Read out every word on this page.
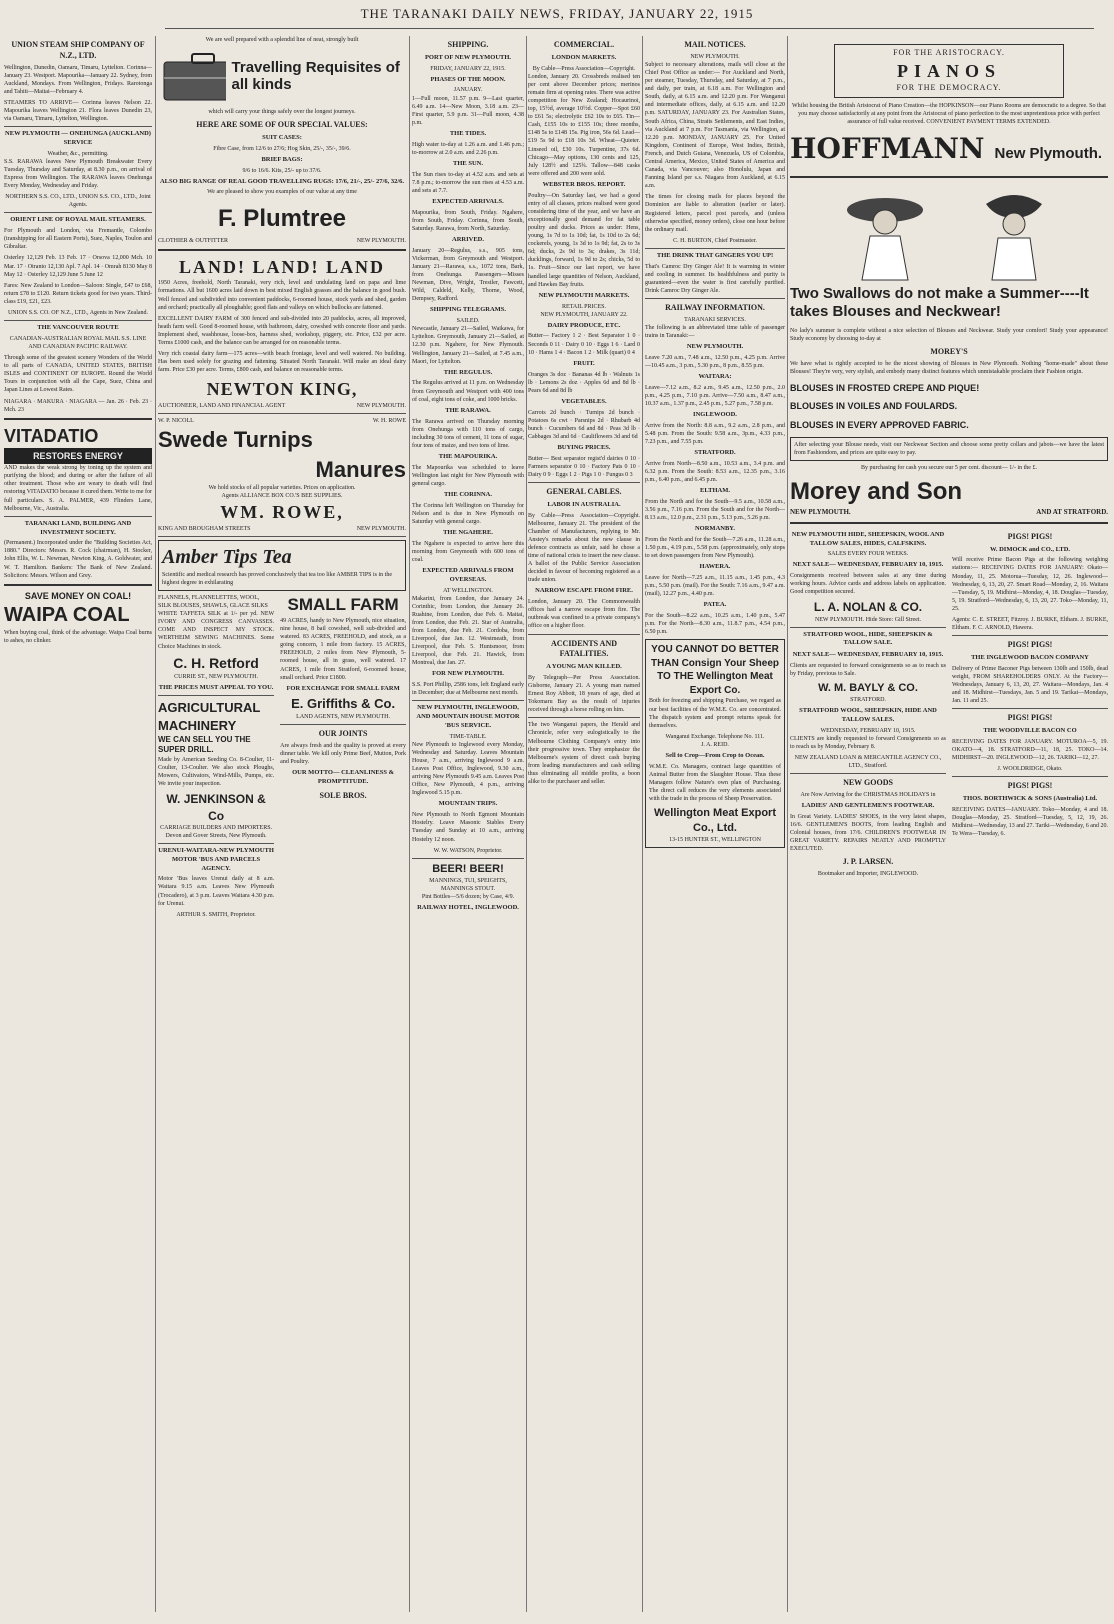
THE TARANAKI DAILY NEWS, FRIDAY, JANUARY 22, 1915
UNION STEAM SHIP COMPANY OF N.Z., LTD.
Wellington, Dunedin, Oamaru, Timaru, Lyttelton. Corinna—January 23. Westport. Mapourika—January 22. Sydney, from Auckland, Mondays. From Wellington, Fridays. Rarotonga and Tahiti—Maitai—February 4.
STEAMERS TO ARRIVE— Corinna leaves Nelson 22. Mapourika leaves Wellington 21. Flora leaves Dunedin 23, via Oamaru, Timaru, Lyttelton, Wellington.
NEW PLYMOUTH — ONEHUNGA (AUCKLAND) SERVICE
Weather, &c., permitting.
S.S. RARAWA leaves New Plymouth Breakwater Every Tuesday, Thursday and Saturday, at 8.30 p.m., on arrival of Express from Wellington. The RARAWA leaves Onehunga Every Monday, Wednesday and Friday.
NORTHERN S.S. CO., LTD., UNION S.S. CO., LTD., Joint Agents.
ORIENT LINE OF ROYAL MAIL STEAMERS.
For Plymouth and London, via Fremantle, Colombo (transhipping for all Eastern Ports), Suez, Naples, Toulon and Gibraltar.
Osterley 12,129 Feb. 13 Feb. 17 · Orsova 12,000 Mch. 10 Mar. 17 · Otranto 12,130 Apl. 7 Apl. 14 · Omrah 8130 May 8 May 12 · Osterley 12,129 June 5 June 12
Fares: New Zealand to London—Saloon: Single, £47 to £68, return £78 to £120. Return tickets good for two years. Third-class £19, £21, £23.
UNION S.S. CO. OF N.Z., LTD., Agents in New Zealand.
THE VANCOUVER ROUTE
CANADIAN-AUSTRALIAN ROYAL MAIL S.S. LINE AND CANADIAN PACIFIC RAILWAY.
Through some of the greatest scenery Wonders of the World to all parts of CANADA, UNITED STATES, BRITISH ISLES and CONTINENT OF EUROPE. Round the World Tours in conjunction with all the Cape, Suez, China and Japan Lines at Lowest Rates.
NIAGARA · MAKURA · NIAGARA — Jan. 26 · Feb. 23 · Mch. 23
VITADATIO
RESTORES ENERGY
AND makes the weak strong by toning up the system and purifying the blood; and during or after the failure of all other treatment. Those who are weary to death will find restoring VITADATIO because it cured them. Write to me for full particulars. S. A. PALMER, 439 Flinders Lane, Melbourne, Vic., Australia.
TARANAKI LAND, BUILDING AND INVESTMENT SOCIETY.
(Permanent.) Incorporated under the "Building Societies Act, 1880." Directors: Messrs. R. Cock (chairman), H. Stocker, John Ellis, W. L. Newman, Newton King, A. Goldwater, and W. T. Hamilton. Bankers: The Bank of New Zealand. Solicitors: Messrs. Wilson and Grey.
SAVE MONEY ON COAL!
WAIPA COAL
When buying coal, think of the advantage. Waipa Coal burns to ashes, no clinker.
We are well prepared with a splendid line of neat, strongly built
Travelling Requisites of all kinds
which will carry your things safely over the longest journeys.
HERE ARE SOME OF OUR SPECIAL VALUES:
SUIT CASES:
Fibre Case, from 12/6 to 27/6; Hog Skin, 25/-, 35/-, 39/6.
BRIEF BAGS:
9/6 to 16/6. Kits, 25/- up to 37/6.
ALSO BIG RANGE OF REAL GOOD TRAVELLING RUGS: 17/6, 21/-, 25/- 27/6, 32/6.
We are pleased to show you examples of our value at any time
F. Plumtree
CLOTHIER & OUTFITTER	NEW PLYMOUTH.
LAND! LAND! LAND
1950 Acres, freehold, North Taranaki, very rich, level and undulating land on papa and lime formations. All but 1600 acres laid down in best mixed English grasses and the balance in good bush. Well fenced and subdivided into convenient paddocks, 6-roomed house, stock yards and shed, garden and orchard; practically all ploughable; good flats and valleys on which bullocks are fattened.
EXCELLENT DAIRY FARM of 300 fenced and sub-divided into 20 paddocks, acres, all improved, heath farm well. Good 8-roomed house, with bathroom, dairy, cowshed with concrete floor and yards. Implement shed, washhouse, loose-box, harness shed, workshop, piggery, etc. Price, £32 per acre. Terms £1000 cash, and the balance can be arranged for on reasonable terms.
Very rich coastal dairy farm—175 acres—with beach frontage, level and well watered. No building. Has been used solely for grazing and fattening. Situated North Taranaki. Will make an ideal dairy farm. Price £30 per acre. Terms, £800 cash, and balance on reasonable terms.
NEWTON KING,
AUCTIONEER, LAND AND FINANCIAL AGENT	NEW PLYMOUTH.
W. P. NICOLL	W. H. ROWE
Swede Turnips
Manures
We hold stocks of all popular varieties. Prices on application.
Agents ALLIANCE BOX CO.'S BEE SUPPLIES.
WM. ROWE,
KING AND BROUGHAM STREETS	NEW PLYMOUTH.
Amber Tips Tea
Scientific and medical research has proved conclusively that tea too like AMBER TIPS is in the highest degree in exhilarating
FLANNELS, FLANNELETTES, WOOL, SILK BLOUSES, SHAWLS, GLACE SILKS
WHITE TAFFETA SILK at 1/- per yd. NEW IVORY AND CONGRESS CANVASSES. COME AND INSPECT MY STOCK. WERTHEIM SEWING MACHINES. Some Choice Machines in stock.
C. H. Retford
CURRIE ST., NEW PLYMOUTH.
THE PRICES MUST APPEAL TO YOU.
AGRICULTURAL MACHINERY
WE CAN SELL YOU THE SUPER DRILL.
Made by American Seeding Co. 8-Coulter, 11-Coulter, 13-Coulter. We also stock Ploughs, Mowers, Cultivators, Wind-Mills, Pumps, etc. We invite your inspection.
W. JENKINSON & Co
CARRIAGE BUILDERS AND IMPORTERS.
Devon and Gover Streets, New Plymouth.
URENUI-WAITARA-NEW PLYMOUTH MOTOR 'BUS AND PARCELS AGENCY.
Motor 'Bus leaves Urenui daily at 8 a.m. Waitara 9.15 a.m. Leaves New Plymouth (Trocadero), at 3 p.m. Leaves Waitara 4.30 p.m. for Urenui.
ARTHUR S. SMITH, Proprietor.
SMALL FARM
49 ACRES, handy to New Plymouth, nice situation, nine house, 8 bail cowshed, well sub-divided and watered. 83 ACRES, FREEHOLD, and stock, as a going concern, 1 mile from factory. 15 ACRES, FREEHOLD, 2 miles from New Plymouth, 5-roomed house, all in grass, well watered. 17 ACRES, 1 mile from Stratford, 6-roomed house, small orchard. Price £1800.
FOR EXCHANGE FOR SMALL FARM
E. Griffiths & Co.
LAND AGENTS, NEW PLYMOUTH.
OUR JOINTS
Are always fresh and the quality is proved at every dinner table. We kill only Prime Beef, Mutton, Pork and Poultry.
OUR MOTTO— CLEANLINESS & PROMPTITUDE.
SOLE BROS.
SHIPPING.
PORT OF NEW PLYMOUTH.
FRIDAY, JANUARY 22, 1915.
PHASES OF THE MOON.
JANUARY.
1—Full moon, 11.57 p.m. 9—Last quarter, 6.49 a.m. 14—New Moon, 3.18 a.m. 23—First quarter, 5.9 p.m. 31—Full moon, 4.38 p.m.
THE TIDES.
High water to-day at 1.26 a.m. and 1.46 p.m.; to-morrow at 2.0 a.m. and 2.26 p.m.
THE SUN.
The Sun rises to-day at 4.52 a.m. and sets at 7.8 p.m.; to-morrow the sun rises at 4.53 a.m. and sets at 7.7.
EXPECTED ARRIVALS.
Mapourika, from South, Friday. Ngahere, from South, Friday. Corinna, from South, Saturday. Rarawa, from North, Saturday.
ARRIVED.
January 20—Regulus, s.s., 905 tons, Vickerman, from Greymouth and Westport. January 21—Rarawa, s.s., 1072 tons, Bark, from Onehunga. Passengers—Misses Newman, Dive, Wright, Trestler, Fawcett, Wild, Caldeld, Kelly, Thorne, Wood, Dempsey, Radford.
SHIPPING TELEGRAMS.
SAILED.
Newcastle, January 21—Sailed, Waikawa, for Lyttelton. Greymouth, January 21—Sailed, at 12.30 p.m. Ngahere, for New Plymouth. Wellington, January 21—Sailed, at 7.45 a.m., Maori, for Lyttelton.
THE REGULUS.
The Regulus arrived at 11 p.m. on Wednesday from Greymouth and Westport with 400 tons of coal, eight tons of coke, and 1000 bricks.
THE RARAWA.
The Rarawa arrived on Thursday morning from Onehunga with 110 tons of cargo, including 30 tons of cement, 11 tons of sugar, four tons of maize, and two tons of lime.
THE MAPOURIKA.
The Mapourika was scheduled to leave Wellington last night for New Plymouth with general cargo.
THE CORINNA.
The Corinna left Wellington on Thursday for Nelson and is due in New Plymouth on Saturday with general cargo.
THE NGAHERE.
The Ngahere is expected to arrive here this morning from Greymouth with 600 tons of coal.
EXPECTED ARRIVALS FROM OVERSEAS.
AT WELLINGTON.
Makarini, from London, due January 24. Corinthic, from London, due January 26. Ruahine, from London, due Feb. 6. Maitai, from London, due Feb. 21. Star of Australia, from London, due Feb. 21. Cordoba, from Liverpool, due Jan. 12. Westmeath, from Liverpool, due Feb. 5. Huntsmoor, from Liverpool, due Feb. 21. Hawick, from Montreal, due Jan. 27.
FOR NEW PLYMOUTH.
S.S. Port Phillip, 2586 tons, left England early in December; due at Melbourne next month.
NEW PLYMOUTH, INGLEWOOD, AND MOUNTAIN HOUSE MOTOR 'BUS SERVICE.
TIME-TABLE.
New Plymouth to Inglewood every Monday, Wednesday and Saturday. Leaves Mountain House, 7 a.m., arriving Inglewood 9 a.m. Leaves Post Office, Inglewood, 9.30 a.m., arriving New Plymouth 9.45 a.m. Leaves Post Office, New Plymouth, 4 p.m., arriving Inglewood 5.15 p.m.
MOUNTAIN TRIPS.
New Plymouth to North Egmont Mountain Hostelry. Leave Masonic Stables Every Tuesday and Sunday at 10 a.m., arriving Hostelry 12 noon.
W. W. WATSON, Proprietor.
BEER! BEER!
MANNINGS, TUI, SPEIGHTS,
MANNINGS STOUT.
Pint Bottles—5/6 dozen; by Case, 4/9.
RAILWAY HOTEL, INGLEWOOD.
COMMERCIAL.
LONDON MARKETS.
By Cable—Press Association—Copyright.
London, January 20. Crossbreds realised ten per cent above December prices; merinos remain firm at opening rates. There was active competition for New Zealand; Hocaurinoi, top, 15½d, average 10½d. Copper—Spot £60 to £61 5s; electrolytic £62 10s to £65. Tin—Cash, £155 10s to £155 10s; three months, £148 5s to £148 15s. Pig iron, 56s 6d. Lead—£19 5s 9d to £18 10s 3d. Wheat—Quieter. Linseed oil, £30 10s. Turpentine, 37s 6d. Chicago—May options, 130 cents and 125, July 128½ and 125¾. Tallow—848 casks were offered and 200 were sold.
WEBSTER BROS. REPORT.
Poultry—On Saturday last, we had a good entry of all classes, prices realised were good considering time of the year, and we have an exceptionally good demand for fat table poultry and ducks. Prices as under: Hens, young, 1s 7d to 1s 10d; fat, 1s 10d to 2s 6d; cockerels, young, 1s 3d to 1s 9d; fat, 2s to 3s 6d; ducks, 2s 9d to 3s; drakes, 3s 11d; ducklings, forward, 1s 9d to 2s; chicks, 5d to 1s. Fruit—Since our last report, we have handled large quantities of Nelson, Auckland, and Hawkes Bay fruits.
NEW PLYMOUTH MARKETS.
RETAIL PRICES.
NEW PLYMOUTH, JANUARY 22.
DAIRY PRODUCE, ETC.
Butter— Factory 1 2 · Best Separator 1 0 · Seconds 0 11 · Dairy 0 10 · Eggs 1 6 · Lard 0 10 · Hams 1 4 · Bacon 1 2 · Milk (quart) 0 4
FRUIT.
Oranges 3s doz · Bananas 4d lb · Walnuts 1s lb · Lemons 2s doz · Apples 6d and 8d lb · Pears 6d and 8d lb
VEGETABLES.
Carrots 2d bunch · Turnips 2d bunch · Potatoes 6s cwt · Parsnips 2d · Rhubarb 4d bunch · Cucumbers 6d and 8d · Peas 3d lb · Cabbages 3d and 6d · Cauliflowers 3d and 6d
BUYING PRICES.
Butter— Best separator regist'd dairies 0 10 · Farmers separator 0 10 · Factory Pats 0 10 · Dairy 0 9 · Eggs 1 2 · Pigs 1 0 · Fungus 0 3
GENERAL CABLES.
LABOR IN AUSTRALIA.
By Cable—Press Association—Copyright. Melbourne, January 21. The president of the Chamber of Manufacturers, replying to Mr. Anstey's remarks about the new clause in defence contracts as unfair, said he chose a time of national crisis to insert the new clause. A ballot of the Public Service Association decided in favour of becoming registered as a trade union.
NARROW ESCAPE FROM FIRE.
London, January 20. The Commonwealth offices had a narrow escape from fire. The outbreak was confined to a private company's office on a higher floor.
ACCIDENTS AND FATALITIES.
A YOUNG MAN KILLED.
By Telegraph—Per Press Association. Gisborne, January 21. A young man named Ernest Roy Abbott, 18 years of age, died at Tokomaru Bay as the result of injuries received through a horse rolling on him.
The two Wanganui papers, the Herald and Chronicle, refer very eulogistically to the Melbourne Clothing Company's entry into their progressive town. They emphasize the Melbourne's system of direct cash buying from leading manufacturers and cash selling thus eliminating all middle profits, a boon alike to the purchaser and seller.
MAIL NOTICES.
NEW PLYMOUTH.
Subject to necessary alterations, mails will close at the Chief Post Office as under:— For Auckland and North, per steamer, Tuesday, Thursday, and Saturday, at 7 p.m., and daily, per train, at 6.18 a.m. For Wellington and South, daily, at 6.15 a.m. and 12.20 p.m. For Wanganui and intermediate offices, daily, at 6.15 a.m. and 12.20 p.m. SATURDAY, JANUARY 23. For Australian States, South Africa, China, Straits Settlements, and East Indies, via Auckland at 7 p.m. For Tasmania, via Wellington, at 12.20 p.m. MONDAY, JANUARY 25. For United Kingdom, Continent of Europe, West Indies, British, French, and Dutch Guiana, Venezuela, US of Colombia, Central America, Mexico, United States of America and Canada, via Vancouver; also Honolulu, Japan and Fanning Island per s.s. Niagara from Auckland, at 6.15 a.m.
The times for closing mails for places beyond the Dominion are liable to alteration (earlier or later). Registered letters, parcel post parcels, and (unless otherwise specified, money orders), close one hour before the ordinary mail.
C. H. BURTON, Chief Postmaster.
THE DRINK THAT GINGERS YOU UP!
That's Camroc Dry Ginger Ale! It is warming in winter and cooling in summer. Its healthfulness and purity is guaranteed—even the water is first carefully purified. Drink Camroc Dry Ginger Ale.
RAILWAY INFORMATION.
TARANAKI SERVICES.
The following is an abbreviated time table of passenger trains in Taranaki:—
NEW PLYMOUTH.
Leave 7.20 a.m., 7.48 a.m., 12.50 p.m., 4.25 p.m. Arrive—10.45 a.m., 3 p.m., 5.30 p.m., 8 p.m., 8.55 p.m.
WAITARA:
Leave—7.12 a.m., 8.2 a.m., 9.45 a.m., 12.50 p.m., 2.0 p.m., 4.25 p.m., 7.10 p.m. Arrive—7.50 a.m., 8.47 a.m., 10.37 a.m., 1.37 p.m., 2.45 p.m., 5.27 p.m., 7.58 p.m.
INGLEWOOD.
Arrive from the North: 8.8 a.m., 9.2 a.m., 2.8 p.m., and 5.48 p.m. From the South: 9.58 a.m., 3p.m., 4.33 p.m., 7.23 p.m., and 7.55 p.m.
STRATFORD.
Arrive from North—8.50 a.m., 10.53 a.m., 3.4 p.m. and 6.32 p.m. From the South: 8.53 a.m., 12.35 p.m., 3.16 p.m., 6.40 p.m., and 6.45 p.m.
ELTHAM.
From the North and for the South—9.5 a.m., 10.58 a.m., 3.56 p.m., 7.16 p.m. From the South and for the North—8.13 a.m., 12.0 p.m., 2.31 p.m., 5.13 p.m., 5.26 p.m.
NORMANBY.
From the North and for the South—7.26 a.m., 11.28 a.m., 1.50 p.m., 4.19 p.m., 5.58 p.m. (approximately, only stops to set down passengers from New Plymouth).
HAWERA.
Leave for North—7.25 a.m., 11.15 a.m., 1.45 p.m., 4.3 p.m., 5.50 p.m. (mail). For the South: 7.16 a.m., 9.47 a.m. (mail), 12.27 p.m., 4.40 p.m.
PATEA.
For the South—8.22 a.m., 10.25 a.m., 1.40 p.m., 5.47 p.m. For the North—8.30 a.m., 11.8.7 p.m., 4.54 p.m., 6.50 p.m.
YOU CANNOT DO BETTER THAN Consign Your Sheep TO THE Wellington Meat Export Co.
Both for freezing and shipping Purchase, we regard as our best facilities of the W.M.E. Co. are concentrated. The dispatch system and prompt returns speak for themselves.
Wanganui Exchange. Telephone No. 111.
J. A. REID.
Sell to Crop—From Crop to Ocean.
W.M.E. Co. Managers, contract large quantities of Animal Butter from the Slaughter House. Thus these Managers follow Nature's own plan of Purchasing. The direct call reduces the very elements associated with the trade in the process of Sheep Preservation.
Wellington Meat Export Co., Ltd.
13-15 HUNTER ST., WELLINGTON
FOR THE ARISTOCRACY.
PIANOS
FOR THE DEMOCRACY.
Whilst housing the British Aristocrat of Piano Creation—the HOPKINSON—our Piano Rooms are democratic to a degree. So that you may choose satisfactorily at any point from the Aristocrat of piano perfection to the most unpretentious price with perfect assurance of full value received. CONVENIENT PAYMENT TERMS EXTENDED.
HOFFMANN New Plymouth.
Two Swallows do not make a Summer----It takes Blouses and Neckwear!
No lady's summer is complete without a nice selection of Blouses and Neckwear. Study your comfort! Study your appearance! Study economy by choosing to-day at
MOREY'S
We have what is rightly accepted to be the nicest showing of Blouses in New Plymouth. Nothing "home-made" about these Blouses! They're very, very stylish, and embody many distinct features which unmistakable proclaim their Fashion origin.
BLOUSES IN FROSTED CREPE AND PIQUE!
BLOUSES IN VOILES AND FOULARDS.
BLOUSES IN EVERY APPROVED FABRIC.
After selecting your Blouse needs, visit our Neckwear Section and choose some pretty collars and jabots—we have the latest from Fashiondom, and prices are quite easy to pay.
By purchasing for cash you secure our 5 per cent. discount— 1/- in the £.
Morey and Son
NEW PLYMOUTH.	AND AT STRATFORD.
NEW PLYMOUTH HIDE, SHEEPSKIN, WOOL AND TALLOW SALES, HIDES, CALFSKINS.
SALES EVERY FOUR WEEKS.
NEXT SALE— WEDNESDAY, FEBRUARY 10, 1915.
Consignments received between sales at any time during working hours. Advice cards and address labels on application. Good competition secured.
L. A. NOLAN & CO.
NEW PLYMOUTH. Hide Store: Gill Street.
STRATFORD WOOL, HIDE, SHEEPSKIN & TALLOW SALE.
NEXT SALE— WEDNESDAY, FEBRUARY 10, 1915.
Clients are requested to forward consignments so as to reach us by Friday, previous to Sale.
W. M. BAYLY & CO.
STRATFORD.
STRATFORD WOOL, SHEEPSKIN, HIDE AND TALLOW SALES.
WEDNESDAY, FEBRUARY 10, 1915.
CLIENTS are kindly requested to forward Consignments so as to reach us by Monday, February 8.
NEW ZEALAND LOAN & MERCANTILE AGENCY CO., LTD., Stratford.
NEW GOODS
Are Now Arriving for the CHRISTMAS HOLIDAYS in
LADIES' AND GENTLEMEN'S FOOTWEAR.
In Great Variety. LADIES' SHOES, in the very latest shapes, 16/6. GENTLEMEN'S BOOTS, from leading English and Colonial houses, from 17/6. CHILDREN'S FOOTWEAR IN GREAT VARIETY. REPAIRS NEATLY AND PROMPTLY EXECUTED.
J. P. LARSEN.
Bootmaker and Importer, INGLEWOOD.
PIGS! PIGS!
W. DIMOCK and CO., LTD.
Will receive Prime Bacon Pigs at the following weighing stations:— RECEIVING DATES FOR JANUARY: Okato—Monday, 11, 25. Motorua—Tuesday, 12, 26. Inglewood—Wednesday, 6, 13, 20, 27. Smart Road—Monday, 2, 16. Waitara—Tuesday, 5, 19. Midhirst—Monday, 4, 18. Douglas—Tuesday, 5, 19. Stratford—Wednesday, 6, 13, 20, 27. Toko—Monday, 11, 25.
Agents: C. E. STREET, Fitzroy. J. BURKE, Eltham. J. BURKE, Eltham. F. C. ARNOLD, Hawera.
PIGS! PIGS!
THE INGLEWOOD BACON COMPANY
Delivery of Prime Baconer Pigs between 130lb and 150lb, dead weight, FROM SHAREHOLDERS ONLY. At the Factory—Wednesdays, January 6, 13, 20, 27. Waitara—Mondays, Jan. 4 and 18. Midhirst—Tuesdays, Jan. 5 and 19. Tarikai—Mondays, Jan. 11 and 25.
PIGS! PIGS!
THE WOODVILLE BACON CO
RECEIVING DATES FOR JANUARY. MOTUROA—5, 19. OKATO—4, 18. STRATFORD—11, 18, 25. TOKO—14. MIDHIRST—20. INGLEWOOD—12, 26. TARIKI—12, 27.
J. WOOLDRIDGE, Okato.
PIGS! PIGS!
THOS. BORTHWICK & SONS (Australia) Ltd.
RECEIVING DATES—JANUARY. Toko—Monday, 4 and 18. Douglas—Monday, 25. Stratford—Tuesday, 5, 12, 19, 26. Midhirst—Wednesday, 13 and 27. Tariki—Wednesday, 6 and 20. Te Wera—Tuesday, 6.
